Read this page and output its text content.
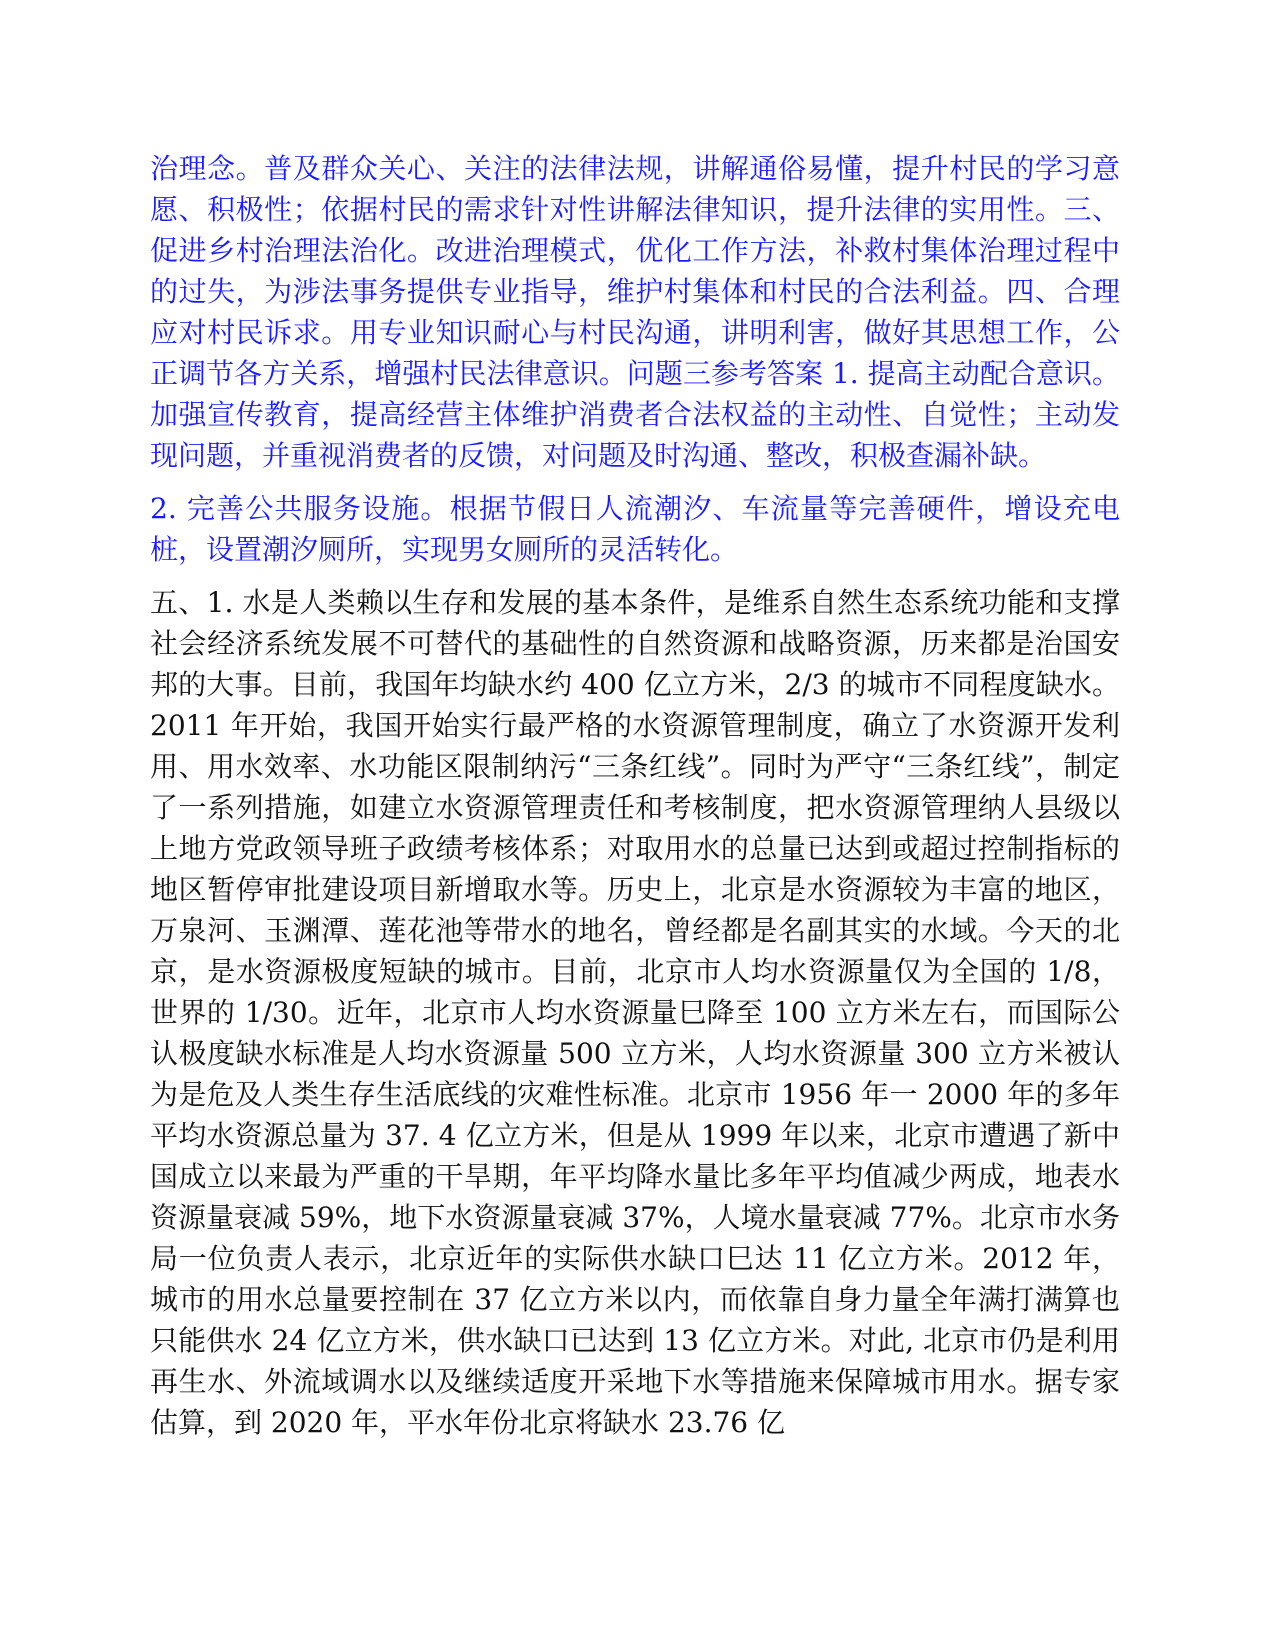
治理念。普及群众关心、关注的法律法规，讲解通俗易懂，提升村民的学习意愿、积极性；依据村民的需求针对性讲解法律知识，提升法律的实用性。三、促进乡村治理法治化。改进治理模式，优化工作方法，补救村集体治理过程中的过失，为涉法事务提供专业指导，维护村集体和村民的合法利益。四、合理应对村民诉求。用专业知识耐心与村民沟通，讲明利害，做好其思想工作，公正调节各方关系，增强村民法律意识。问题三参考答案 1. 提高主动配合意识。加强宣传教育，提高经营主体维护消费者合法权益的主动性、自觉性；主动发现问题，并重视消费者的反馈，对问题及时沟通、整改，积极查漏补缺。

2. 完善公共服务设施。根据节假日人流潮汐、车流量等完善硬件，增设充电桩，设置潮汐厕所，实现男女厕所的灵活转化。

五、1. 水是人类赖以生存和发展的基本条件，是维系自然生态系统功能和支撑社会经济系统发展不可替代的基础性的自然资源和战略资源，历来都是治国安邦的大事。目前，我国年均缺水约 400 亿立方米，2/3 的城市不同程度缺水。2011 年开始，我国开始实行最严格的水资源管理制度，确立了水资源开发利用、用水效率、水功能区限制纳污“三条红线”。同时为严守“三条红线”，制定了一系列措施，如建立水资源管理责任和考核制度，把水资源管理纳人县级以上地方党政领导班子政绩考核体系；对取用水的总量已达到或超过控制指标的地区暂停审批建设项目新增取水等。历史上，北京是水资源较为丰富的地区，万泉河、玉渊潭、莲花池等带水的地名，曾经都是名副其实的水域。今天的北京，是水资源极度短缺的城市。目前，北京市人均水资源量仅为全国的 1/8，世界的 1/30。近年，北京市人均水资源量巳降至 100 立方米左右，而国际公认极度缺水标准是人均水资源量 500 立方米，人均水资源量 300 立方米被认为是危及人类生存生活底线的灾难性标准。北京市 1956 年一 2000 年的多年平均水资源总量为 37. 4 亿立方米，但是从 1999 年以来，北京市遭遇了新中国成立以来最为严重的干旱期，年平均降水量比多年平均值减少两成，地表水资源量衰减 59%，地下水资源量衰减 37%，人境水量衰减 77%。北京市水务局一位负责人表示，北京近年的实际供水缺口巳达 11 亿立方米。2012 年，城市的用水总量要控制在 37 亿立方米以内，而依靠自身力量全年满打满算也只能供水 24 亿立方米，供水缺口已达到 13 亿立方米。对此, 北京市仍是利用再生水、外流域调水以及继续适度开采地下水等措施来保障城市用水。据专家估算，到 2020 年，平水年份北京将缺水 23.76 亿
